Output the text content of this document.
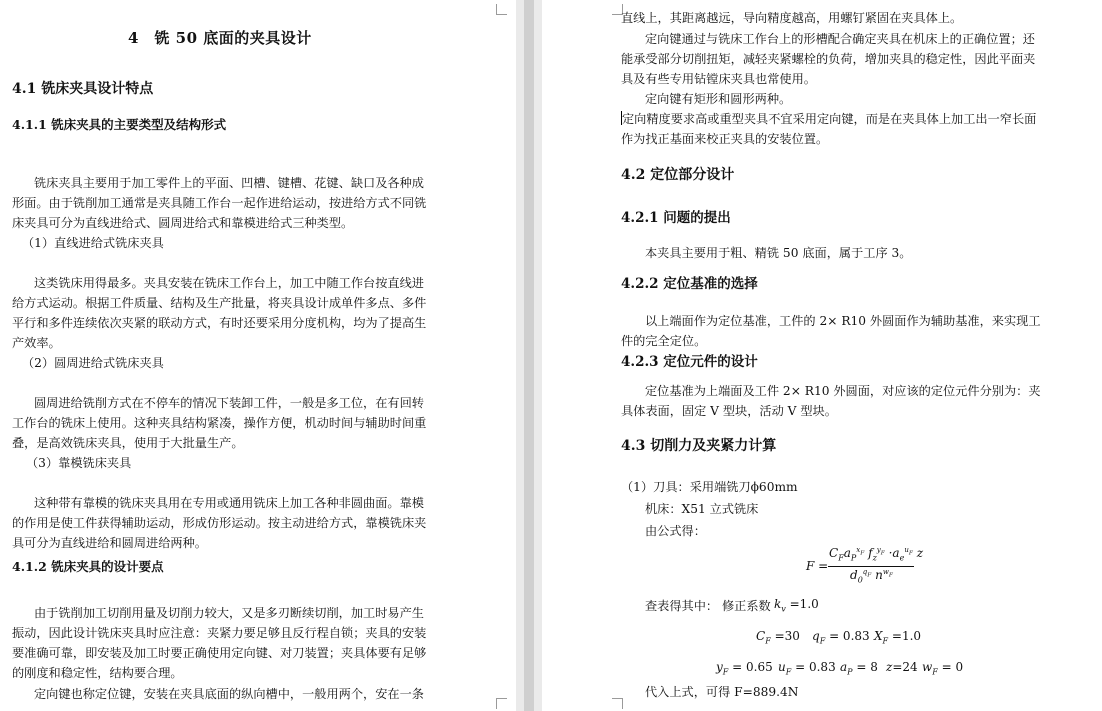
4　铣 50 底面的夹具设计
4.1 铣床夹具设计特点
4.1.1 铣床夹具的主要类型及结构形式
铣床夹具主要用于加工零件上的平面、凹槽、键槽、花键、缺口及各种成
形面。由于铣削加工通常是夹具随工作台一起作进给运动，按进给方式不同铣
床夹具可分为直线进给式、圆周进给式和靠模进给式三种类型。
（1）直线进给式铣床夹具
这类铣床用得最多。夹具安装在铣床工作台上，加工中随工作台按直线进
给方式运动。根据工件质量、结构及生产批量，将夹具设计成单件多点、多件
平行和多件连续依次夹紧的联动方式，有时还要采用分度机构，均为了提高生
产效率。
（2）圆周进给式铣床夹具
圆周进给铣削方式在不停车的情况下装卸工件，一般是多工位，在有回转
工作台的铣床上使用。这种夹具结构紧凑，操作方便，机动时间与辅助时间重
叠，是高效铣床夹具，使用于大批量生产。
（3）靠模铣床夹具
这种带有靠模的铣床夹具用在专用或通用铣床上加工各种非圆曲面。靠模
的作用是使工件获得辅助运动，形成仿形运动。按主动进给方式，靠模铣床夹
具可分为直线进给和圆周进给两种。
4.1.2 铣床夹具的设计要点
由于铣削加工切削用量及切削力较大，又是多刃断续切削，加工时易产生
振动，因此设计铣床夹具时应注意：夹紧力要足够且反行程自锁；夹具的安装
要准确可靠，即安装及加工时要正确使用定向键、对刀装置；夹具体要有足够
的刚度和稳定性，结构要合理。
定向键也称定位键，安装在夹具底面的纵向槽中，一般用两个，安在一条
直线上，其距离越远，导向精度越高，用螺钉紧固在夹具体上。
定向键通过与铣床工作台上的形槽配合确定夹具在机床上的正确位置；还
能承受部分切削扭矩，减轻夹紧螺栓的负荷，增加夹具的稳定性，因此平面夹
具及有些专用钻镗床夹具也常使用。
定向键有矩形和圆形两种。
定向精度要求高或重型夹具不宜采用定向键，而是在夹具体上加工出一窄长面
作为找正基面来校正夹具的安装位置。
4.2 定位部分设计
4.2.1 问题的提出
本夹具主要用于粗、精铣 50 底面，属于工序 3。
4.2.2 定位基准的选择
以上端面作为定位基准，工件的 2× R10 外圆面作为辅助基准，来实现工
件的完全定位。
4.2.3 定位元件的设计
定位基准为上端面及工件 2× R10 外圆面，对应该的定位元件分别为：夹
具体表面，固定 V 型块，活动 V 型块。
4.3 切削力及夹紧力计算
（1）刀具：采用端铣刀ϕ60mm
机床：X51 立式铣床
由公式得：
F =
$C_Fa_P^{x_F}$ $f_z^{y_F} \cdot a_e^{u_F}$ z
$d_0^{q_F}$ $n^{w_F}$
查表得其中： 修正系数 $k_v =1.0$
$C_F =30$ $q_F = 0.83$ $X_F =1.0$
$y_F = 0.65$ $u_F = 0.83$ $a_P = 8$ z=24 $w_F = 0$
代入上式，可得 F=889.4N
